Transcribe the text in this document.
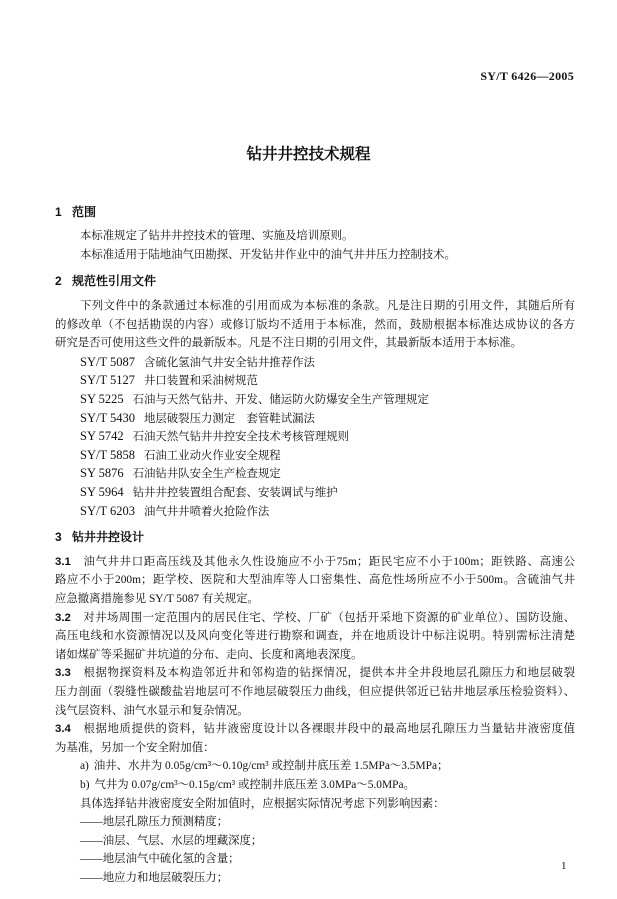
SY/T 6426—2005
钻井井控技术规程
1 范围
本标准规定了钻井井控技术的管理、实施及培训原则。
本标准适用于陆地油气田勘探、开发钻井作业中的油气井井压力控制技术。
2 规范性引用文件
下列文件中的条款通过本标准的引用而成为本标准的条款。凡是注日期的引用文件，其随后所有
的修改单（不包括勘误的内容）或修订版均不适用于本标准，然而，鼓励根据本标准达成协议的各方
研究是否可使用这些文件的最新版本。凡是不注日期的引用文件，其最新版本适用于本标准。
SY/T 5087 含硫化氢油气井安全钻井推荐作法
SY/T 5127 井口装置和采油树规范
SY 5225 石油与天然气钻井、开发、储运防火防爆安全生产管理规定
SY/T 5430 地层破裂压力测定　套管鞋试漏法
SY 5742 石油天然气钻井井控安全技术考核管理规则
SY/T 5858 石油工业动火作业安全规程
SY 5876 石油钻井队安全生产检查规定
SY 5964 钻井井控装置组合配套、安装调试与维护
SY/T 6203 油气井井喷着火抢险作法
3 钻井井控设计
3.1 油气井井口距高压线及其他永久性设施应不小于75m；距民宅应不小于100m；距铁路、高速公
路应不小于200m；距学校、医院和大型油库等人口密集性、高危性场所应不小于500m。含硫油气井
应急撤离措施参见 SY/T 5087 有关规定。
3.2 对井场周围一定范围内的居民住宅、学校、厂矿（包括开采地下资源的矿业单位）、国防设施、
高压电线和水资源情况以及风向变化等进行勘察和调查，并在地质设计中标注说明。特别需标注清楚
诸如煤矿等采掘矿井坑道的分布、走向、长度和离地表深度。
3.3 根据物探资料及本构造邻近井和邻构造的钻探情况，提供本井全井段地层孔隙压力和地层破裂
压力剖面（裂缝性碳酸盐岩地层可不作地层破裂压力曲线，但应提供邻近已钻井地层承压检验资料）、
浅气层资料、油气水显示和复杂情况。
3.4 根据地质提供的资料，钻井液密度设计以各裸眼井段中的最高地层孔隙压力当量钻井液密度值
为基准，另加一个安全附加值：
a) 油井、水井为 0.05g/cm³～0.10g/cm³ 或控制井底压差 1.5MPa～3.5MPa；
b) 气井为 0.07g/cm³～0.15g/cm³ 或控制井底压差 3.0MPa～5.0MPa。
具体选择钻井液密度安全附加值时，应根据实际情况考虑下列影响因素：
——地层孔隙压力预测精度；
——油层、气层、水层的埋藏深度；
——地层油气中硫化氢的含量；
——地应力和地层破裂压力；
1
